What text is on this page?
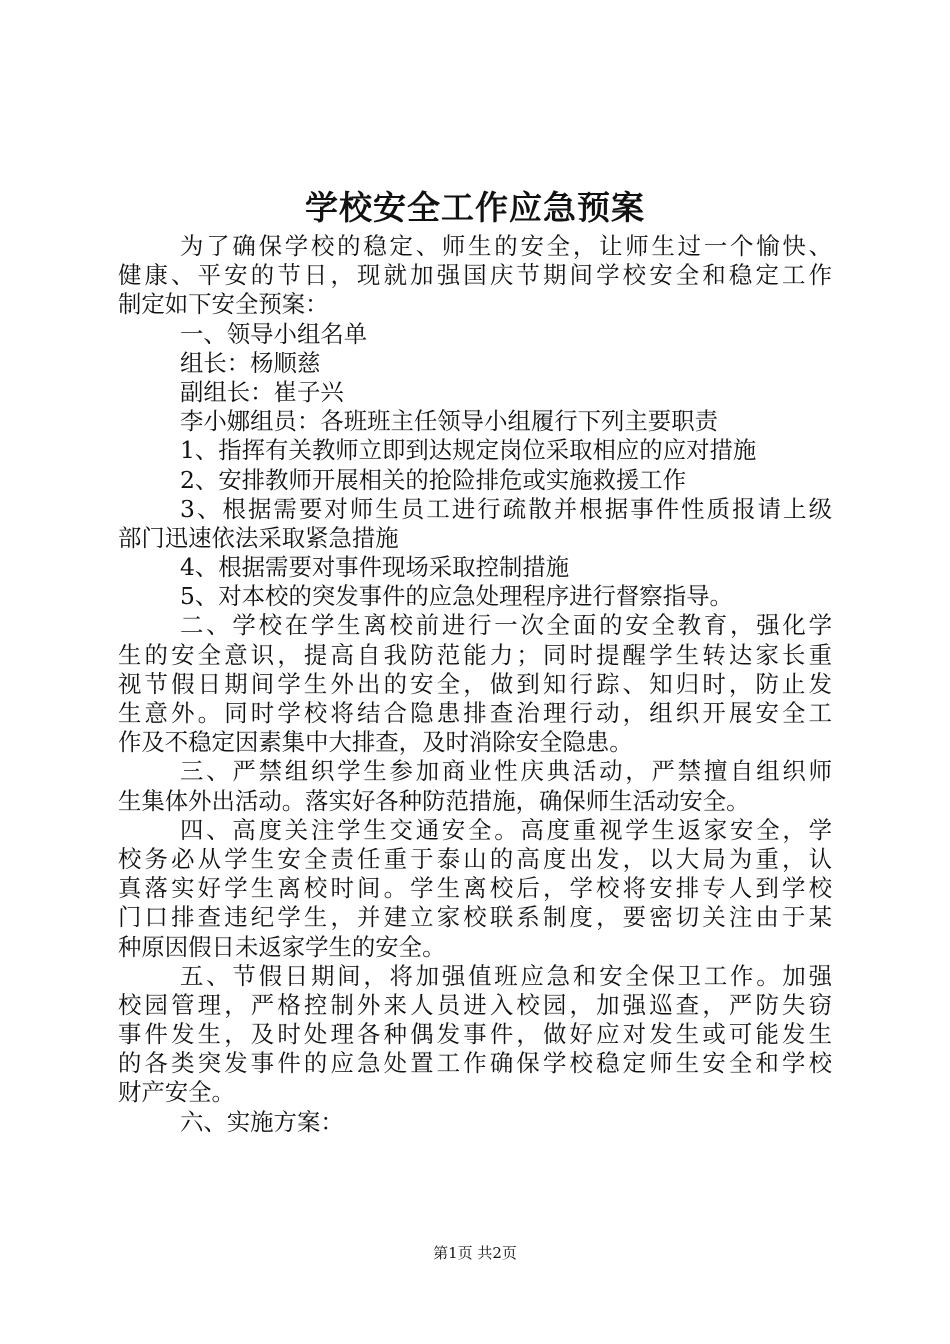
学校安全工作应急预案
为了确保学校的稳定、师生的安全，让师生过一个愉快、
健康、平安的节日，现就加强国庆节期间学校安全和稳定工作
制定如下安全预案：
一、领导小组名单
组长：杨顺慈
副组长：崔子兴
李小娜组员：各班班主任领导小组履行下列主要职责
1、指挥有关教师立即到达规定岗位采取相应的应对措施
2、安排教师开展相关的抢险排危或实施救援工作
3、根据需要对师生员工进行疏散并根据事件性质报请上级
部门迅速依法采取紧急措施
4、根据需要对事件现场采取控制措施
5、对本校的突发事件的应急处理程序进行督察指导。
二、学校在学生离校前进行一次全面的安全教育，强化学
生的安全意识，提高自我防范能力；同时提醒学生转达家长重
视节假日期间学生外出的安全，做到知行踪、知归时，防止发
生意外。同时学校将结合隐患排查治理行动，组织开展安全工
作及不稳定因素集中大排查，及时消除安全隐患。
三、严禁组织学生参加商业性庆典活动，严禁擅自组织师
生集体外出活动。落实好各种防范措施，确保师生活动安全。
四、高度关注学生交通安全。高度重视学生返家安全，学
校务必从学生安全责任重于泰山的高度出发，以大局为重，认
真落实好学生离校时间。学生离校后，学校将安排专人到学校
门口排查违纪学生，并建立家校联系制度，要密切关注由于某
种原因假日未返家学生的安全。
五、节假日期间，将加强值班应急和安全保卫工作。加强
校园管理，严格控制外来人员进入校园，加强巡查，严防失窃
事件发生，及时处理各种偶发事件，做好应对发生或可能发生
的各类突发事件的应急处置工作确保学校稳定师生安全和学校
财产安全。
六、实施方案：
第1页 共2页
